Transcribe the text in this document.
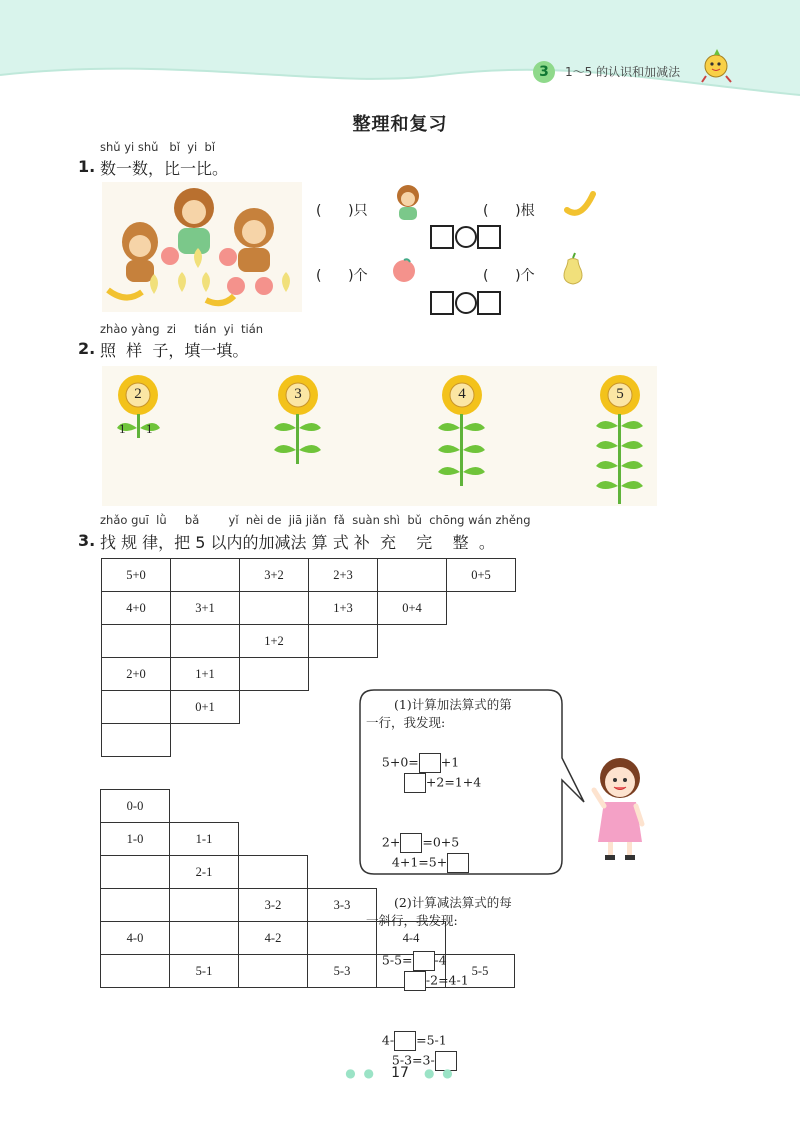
3	1～5 的认识和加减法
整理和复习
shǔ yi shǔ   bǐ  yi  bǐ
1. 数一数，比一比。
(      )只	(      )根
(      )个	(      )个
zhào yàng  zi     tián  yi  tián
2. 照  样  子，填一填。
2
1 1
3	4	5
zhǎo guī  lǜ     bǎ        yǐ  nèi de  jiā jiǎn  fǎ  suàn shì  bǔ  chōng wán zhěng
3. 找 规 律，把 5 以内的加减法 算 式 补  充    完    整  。
5+0		3+2	2+3		0+5
4+0	3+1		1+3	0+4	
		1+2			
2+0	1+1				
	0+1				

0-0					
1-0	1-1				
	2-1				
		3-2	3-3		
4-0		4-2		4-4	
	5-1		5-3		5-5
(1)计算加法算式的第
一行，我发现:

5+0= +1
+2=1+4

2+ =0+5
4+1=5+

(2)计算减法算式的每
一斜行，我发现:

5-5= -4
-2=4-1

4- =5-1
5-3=3-

● ● 17 ● ●
